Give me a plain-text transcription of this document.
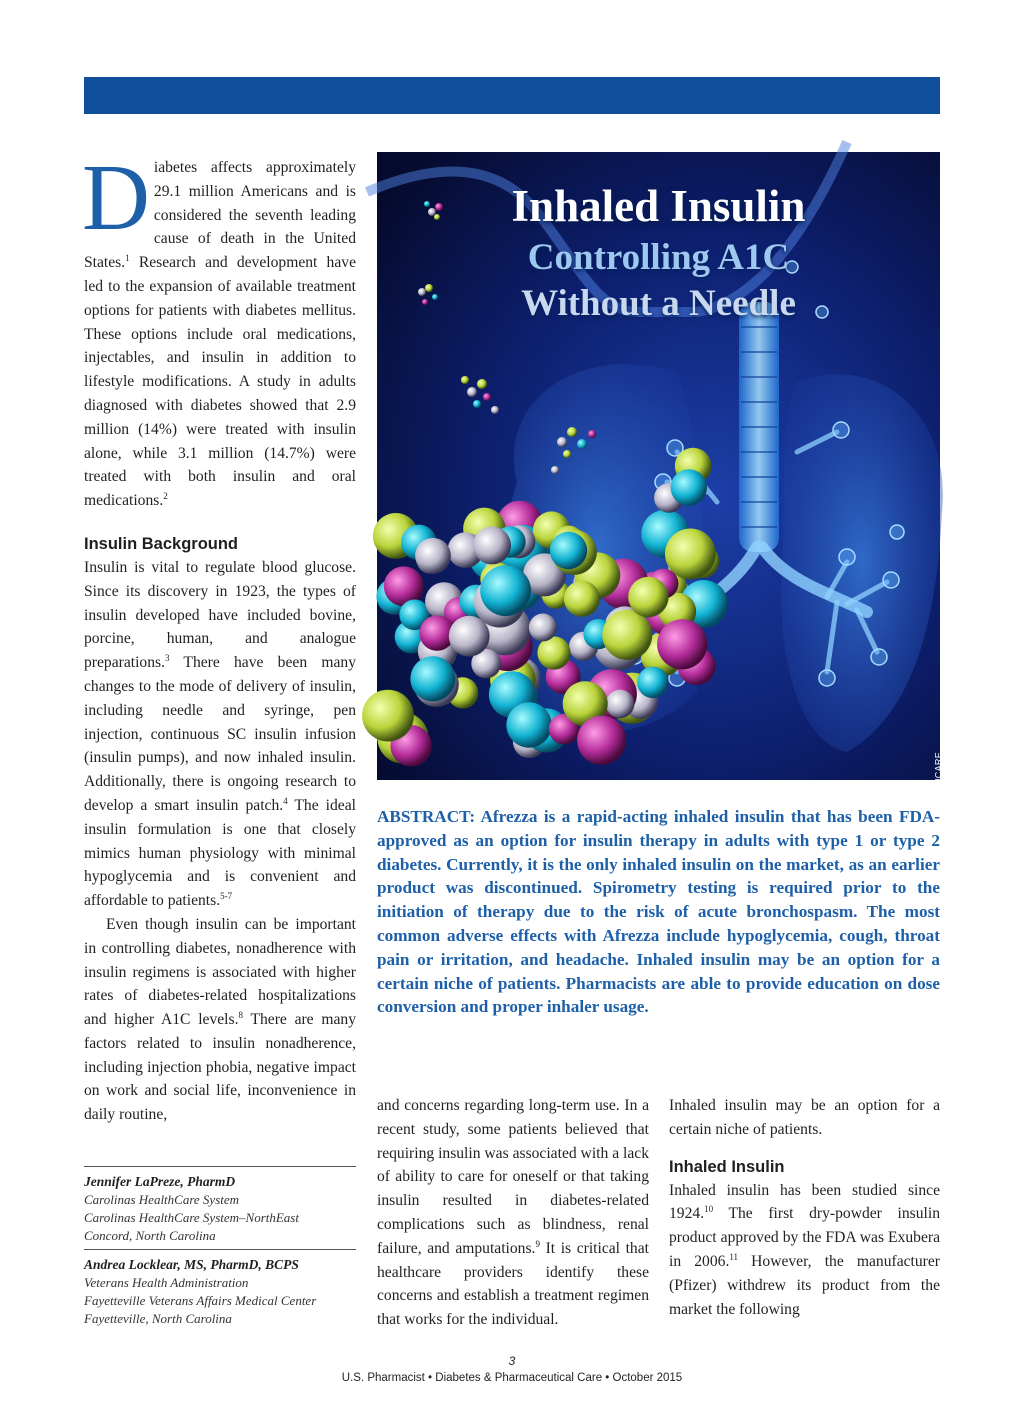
Diabetes affects approximately 29.1 million Americans and is considered the seventh leading cause of death in the United States.$^1$ Research and development have led to the expansion of available treatment options for patients with diabetes mellitus. These options include oral medications, injectables, and insulin in addition to lifestyle modifications. A study in adults diagnosed with diabetes showed that 2.9 million (14%) were treated with insulin alone, while 3.1 million (14.7%) were treated with both insulin and oral medications.$^2$

Insulin Background

Insulin is vital to regulate blood glucose. Since its discovery in 1923, the types of insulin developed have included bovine, porcine, human, and analogue preparations.$^3$ There have been many changes to the mode of delivery of insulin, including needle and syringe, pen injection, continuous SC insulin infusion (insulin pumps), and now inhaled insulin. Additionally, there is ongoing research to develop a smart insulin patch.$^4$ The ideal insulin formulation is one that closely mimics human physiology with minimal hypoglycemia and is convenient and affordable to patients.$^{5-7}$

Even though insulin can be important in controlling diabetes, nonadherence with insulin regimens is associated with higher rates of diabetes-related hospitalizations and higher A1C levels.$^8$ There are many factors related to insulin nonadherence, including injection phobia, negative impact on work and social life, inconvenience in daily routine,

Jennifer LaPreze, PharmD
Carolinas HealthCare System
Carolinas HealthCare System–NorthEast
Concord, North Carolina
Andrea Locklear, MS, PharmD, BCPS
Veterans Health Administration
Fayetteville Veterans Affairs Medical Center
Fayetteville, North Carolina
Inhaled Insulin
Controlling A1C
Without a Needle
© ISTOCK.COM / JOBSONHEALTHCARE
ABSTRACT: Afrezza is a rapid-acting inhaled insulin that has been FDA-approved as an option for insulin therapy in adults with type 1 or type 2 diabetes. Currently, it is the only inhaled insulin on the market, as an earlier product was discontinued. Spirometry testing is required prior to the initiation of therapy due to the risk of acute bronchospasm. The most common adverse effects with Afrezza include hypoglycemia, cough, throat pain or irritation, and headache. Inhaled insulin may be an option for a certain niche of patients. Pharmacists are able to provide education on dose conversion and proper inhaler usage.

and concerns regarding long-term use. In a recent study, some patients believed that requiring insulin was associated with a lack of ability to care for oneself or that taking insulin resulted in diabetes-related complications such as blindness, renal failure, and amputations.$^9$ It is critical that healthcare providers identify these concerns and establish a treatment regimen that works for the individual.

Inhaled insulin may be an option for a certain niche of patients.

Inhaled Insulin

Inhaled insulin has been studied since 1924.10 The first dry-powder insulin product approved by the FDA was Exubera in 2006.11 However, the manufacturer (Pfizer) withdrew its product from the market the following

3
U.S. Pharmacist • Diabetes & Pharmaceutical Care • October 2015
